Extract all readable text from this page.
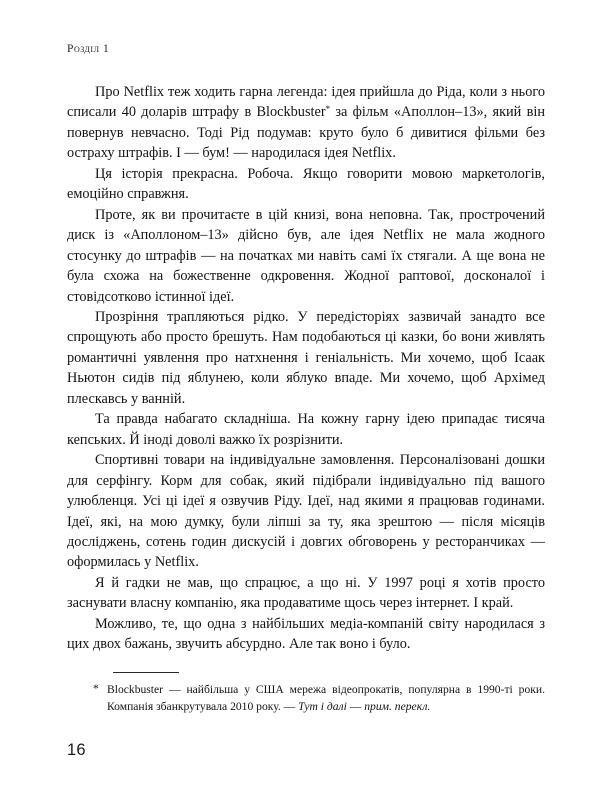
Розділ 1

Про Netflix теж ходить гарна легенда: ідея прийшла до Ріда, коли з нього списали 40 доларів штрафу в Blockbuster* за фільм «Аполлон–13», який він повернув невчасно. Тоді Рід подумав: круто було б дивитися фільми без остраху штрафів. І — бум! — народилася ідея Netflix.

Ця історія прекрасна. Робоча. Якщо говорити мовою маркетологів, емоційно справжня.

Проте, як ви прочитаєте в цій книзі, вона неповна. Так, прострочений диск із «Аполлоном–13» дійсно був, але ідея Netflix не мала жодного стосунку до штрафів — на початках ми навіть самі їх стягали. А ще вона не була схожа на божественне одкровення. Жодної раптової, досконалої і стовідсотково істинної ідеї.

Прозріння трапляються рідко. У передісторіях зазвичай занадто все спрощують або просто брешуть. Нам подобаються ці казки, бо вони живлять романтичні уявлення про натхнення і геніальність. Ми хочемо, щоб Ісаак Ньютон сидів під яблунею, коли яблуко впаде. Ми хочемо, щоб Архімед плескавсь у ванній.

Та правда набагато складніша. На кожну гарну ідею припадає тисяча кепських. Й іноді доволі важко їх розрізнити.

Спортивні товари на індивідуальне замовлення. Персоналізовані дошки для серфінгу. Корм для собак, який підібрали індивідуально під вашого улюбленця. Усі ці ідеї я озвучив Ріду. Ідеї, над якими я працював годинами. Ідеї, які, на мою думку, були ліпші за ту, яка зрештою — після місяців досліджень, сотень годин дискусій і довгих обговорень у ресторанчиках — оформилась у Netflix.

Я й гадки не мав, що спрацює, а що ні. У 1997 році я хотів просто заснувати власну компанію, яка продаватиме щось через інтернет. І край.

Можливо, те, що одна з найбільших медіа-компаній світу народилася з цих двох бажань, звучить абсурдно. Але так воно і було.

* Blockbuster — найбільша у США мережа відеопрокатів, популярна в 1990-ті роки. Компанія збанкрутувала 2010 року. — Тут і далі — прим. перекл.
16
